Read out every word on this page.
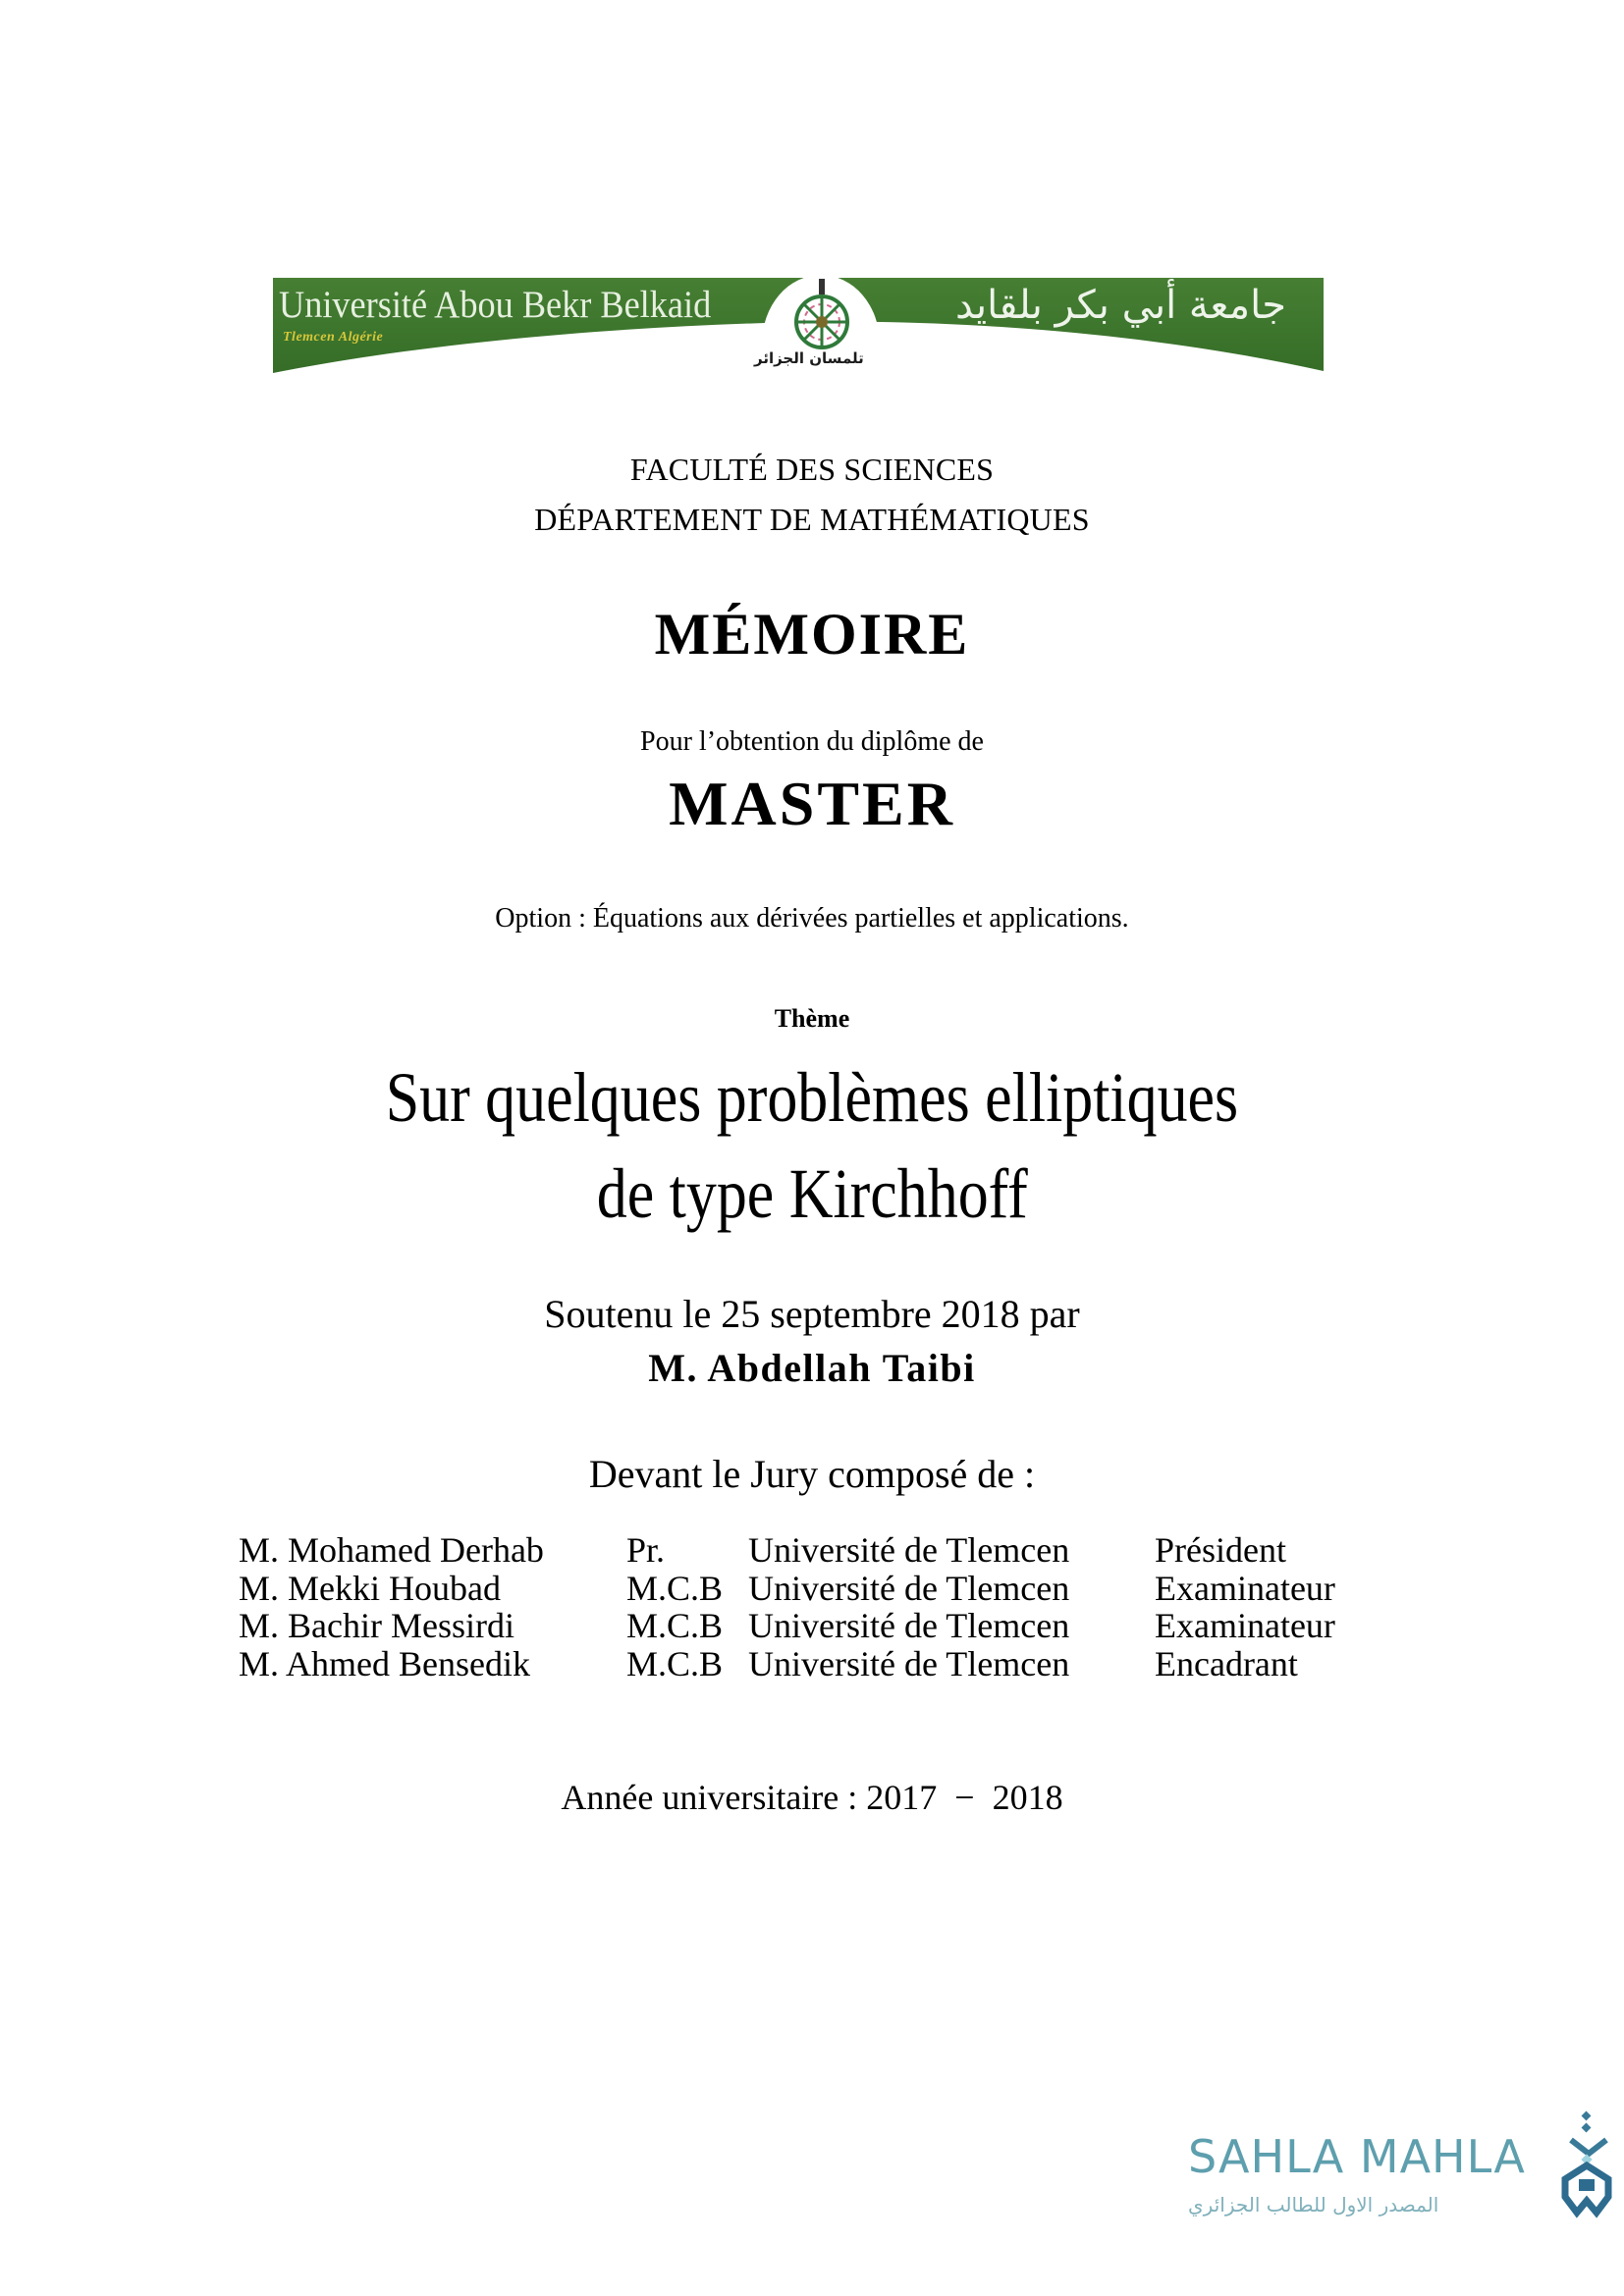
Université Abou Bekr Belkaid
Tlemcen Algérie
جامعة أبي بكر بلقايد
تلمسان الجزائر
FACULTÉ DES SCIENCES
DÉPARTEMENT DE MATHÉMATIQUES
MÉMOIRE
Pour l’obtention du diplôme de
MASTER
Option : Équations aux dérivées partielles et applications.
Thème
Sur quelques problèmes elliptiques
de type Kirchhoff
Soutenu le 25 septembre 2018 par
M. Abdellah Taibi
Devant le Jury composé de :
M. Mohamed Derhab Pr. Université de Tlemcen Président
M. Mekki Houbad	M.C.B Université de Tlemcen Examinateur
M. Bachir Messirdi	M.C.B Université de Tlemcen Examinateur
M. Ahmed Bensedik	M.C.B Université de Tlemcen Encadrant
Année universitaire : 2017  −  2018
SAHLA MAHLA
المصدر الاول للطالب الجزائري
